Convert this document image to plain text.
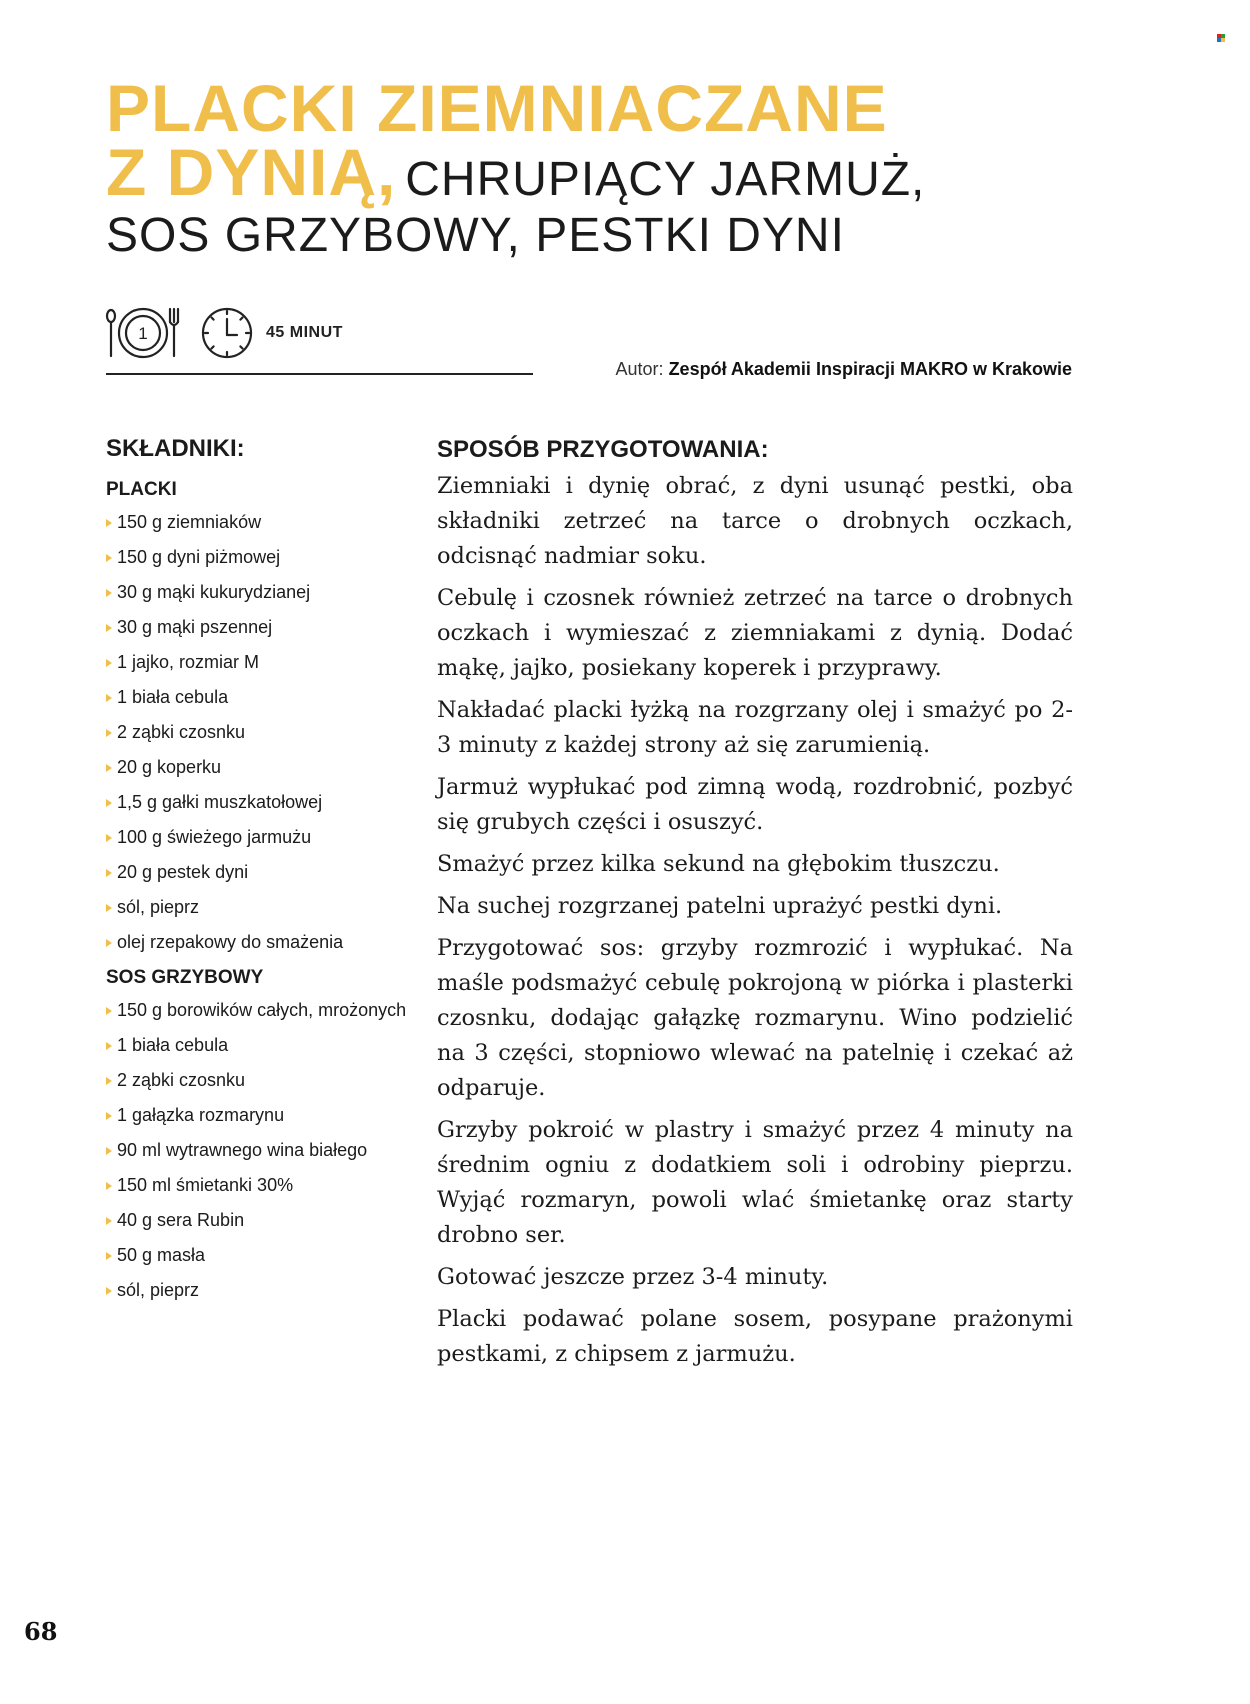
PLACKI ZIEMNIACZANE
Z DYNIĄ, CHRUPIĄCY JARMUŻ,
SOS GRZYBOWY, PESTKI DYNI
1	45 MINUT
Autor: Zespół Akademii Inspiracji MAKRO w Krakowie
SKŁADNIKI:
PLACKI
150 g ziemniaków
150 g dyni piżmowej
30 g mąki kukurydzianej
30 g mąki pszennej
1 jajko, rozmiar M
1 biała cebula
2 ząbki czosnku
20 g koperku
1,5 g gałki muszkatołowej
100 g świeżego jarmużu
20 g pestek dyni
sól, pieprz
olej rzepakowy do smażenia
SOS GRZYBOWY
150 g borowików całych, mrożonych
1 biała cebula
2 ząbki czosnku
1 gałązka rozmarynu
90 ml wytrawnego wina białego
150 ml śmietanki 30%
40 g sera Rubin
50 g masła
sól, pieprz
SPOSÓB PRZYGOTOWANIA:

Ziemniaki i dynię obrać, z dyni usunąć pestki, oba składniki zetrzeć na tarce o drobnych oczkach, odcisnąć nadmiar soku.

Cebulę i czosnek również zetrzeć na tarce o drobnych oczkach i wymieszać z ziemniakami z dynią. Dodać mąkę, jajko, posiekany koperek i przyprawy.

Nakładać placki łyżką na rozgrzany olej i smażyć po 2-3 minuty z każdej strony aż się zarumienią.

Jarmuż wypłukać pod zimną wodą, rozdrobnić, pozbyć się grubych części i osuszyć.

Smażyć przez kilka sekund na głębokim tłuszczu.

Na suchej rozgrzanej patelni uprażyć pestki dyni.

Przygotować sos: grzyby rozmrozić i wypłukać. Na maśle podsmażyć cebulę pokrojoną w piórka i plasterki czosnku, dodając gałązkę rozmarynu. Wino podzielić na 3 części, stopniowo wlewać na patelnię i czekać aż odparuje.

Grzyby pokroić w plastry i smażyć przez 4 minuty na średnim ogniu z dodatkiem soli i odrobiny pieprzu. Wyjąć rozmaryn, powoli wlać śmietankę oraz starty drobno ser.

Gotować jeszcze przez 3-4 minuty.

Placki podawać polane sosem, posypane prażonymi pestkami, z chipsem z jarmużu.

68
